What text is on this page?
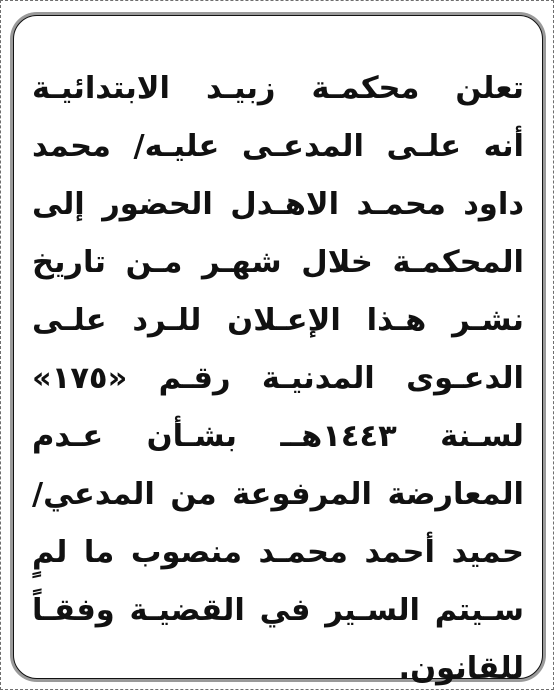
تعلن محكمـة زبيـد الابتدائيـة
أنه علـى المدعـى عليـه/ محمد
داود محمـد الاهـدل الحضور إلى
المحكمـة خلال شهـر مـن تاريخ
نشـر هـذا الإعـلان للـرد علـى
الدعـوى المدنيـة رقـم «١٧٥»
لسـنة ١٤٤٣هــ بشـأن عـدم
المعارضة المرفوعة من المدعي/
حميد أحمد محمـد منصوب ما لمٍ
سـيتم السـير في القضيـة وفقـاً
للقانون.
